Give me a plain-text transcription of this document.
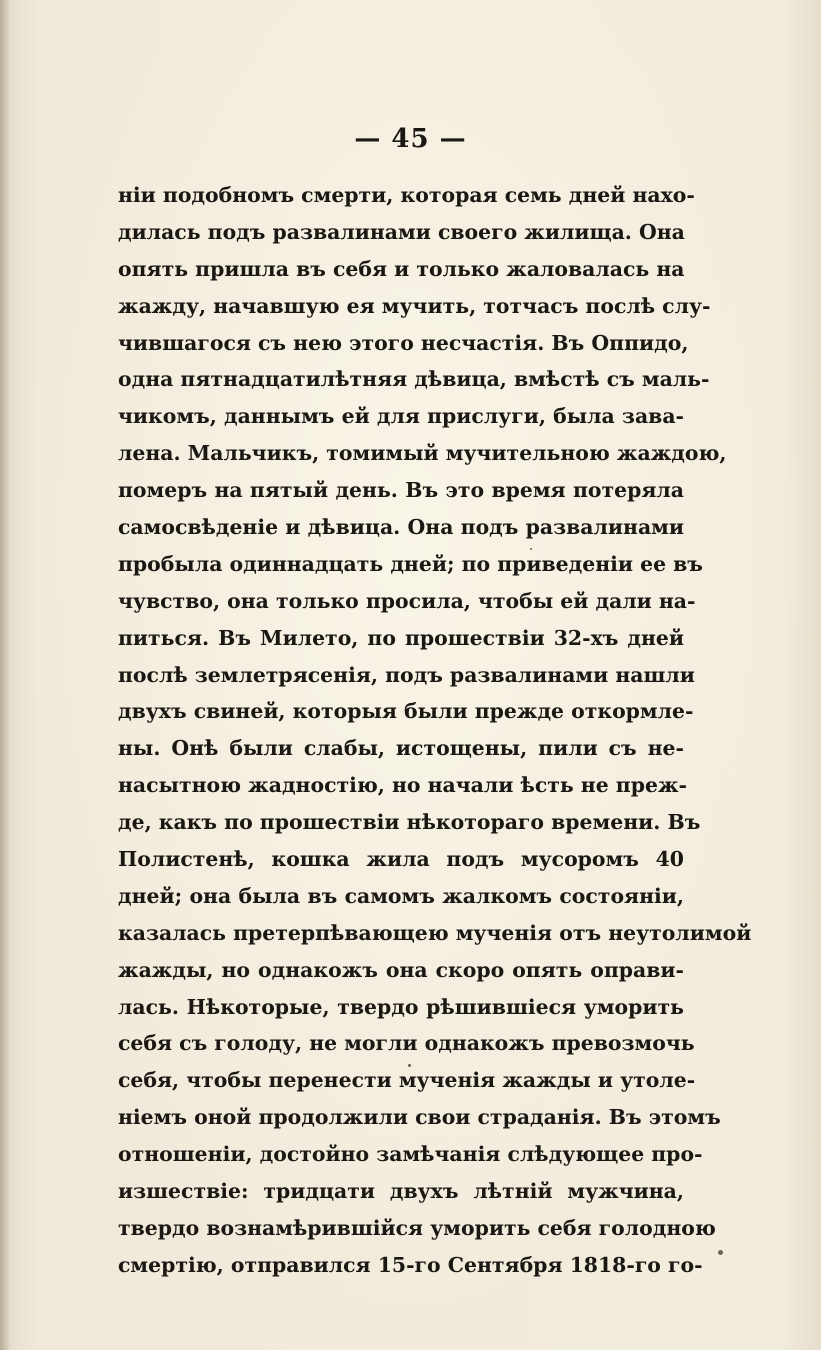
— 45 —
нiи подобномъ смерти, которая семь дней нахо-
дилась подъ развалинами своего жилища. Она
опять пришла въ себя и только жаловалась на
жажду, начавшую ея мучить, тотчасъ послѣ слу-
чившагося съ нею этого несчастiя. Въ Оппидо,
одна пятнадцатилѣтняя дѣвица, вмѣстѣ съ маль-
чикомъ, даннымъ ей для прислуги, была зава-
лена. Мальчикъ, томимый мучительною жаждою,
померъ на пятый день. Въ это время потеряла
самосвѣденiе и дѣвица. Она подъ развалинами
пробыла одиннадцать дней; по приведенiи ее въ
чувство, она только просила, чтобы ей дали на-
питься. Въ Милето, по прошествiи 32-хъ дней
послѣ землетрясенiя, подъ развалинами нашли
двухъ свиней, которыя были прежде откормле-
ны. Онѣ были слабы, истощены, пили съ не-
насытною жадностiю, но начали ѣсть не преж-
де, какъ по прошествiи нѣкотораго времени. Въ
Полистенѣ, кошка жила подъ мусоромъ 40
дней; она была въ самомъ жалкомъ состоянiи,
казалась претерпѣвающею мученiя отъ неутолимой
жажды, но однакожъ она скоро опять оправи-
лась. Нѣкоторые, твердо рѣшившiеся уморить
себя съ голоду, не могли однакожъ превозмочь
себя, чтобы перенести мученiя жажды и утоле-
нiемъ оной продолжили свои страданiя. Въ этомъ
отношенiи, достойно замѣчанiя слѣдующее про-
изшествiе: тридцати двухъ лѣтнiй мужчина,
твердо вознамѣрившiйся уморить себя голодною
смертiю, отправился 15-го Сентября 1818-го го-
